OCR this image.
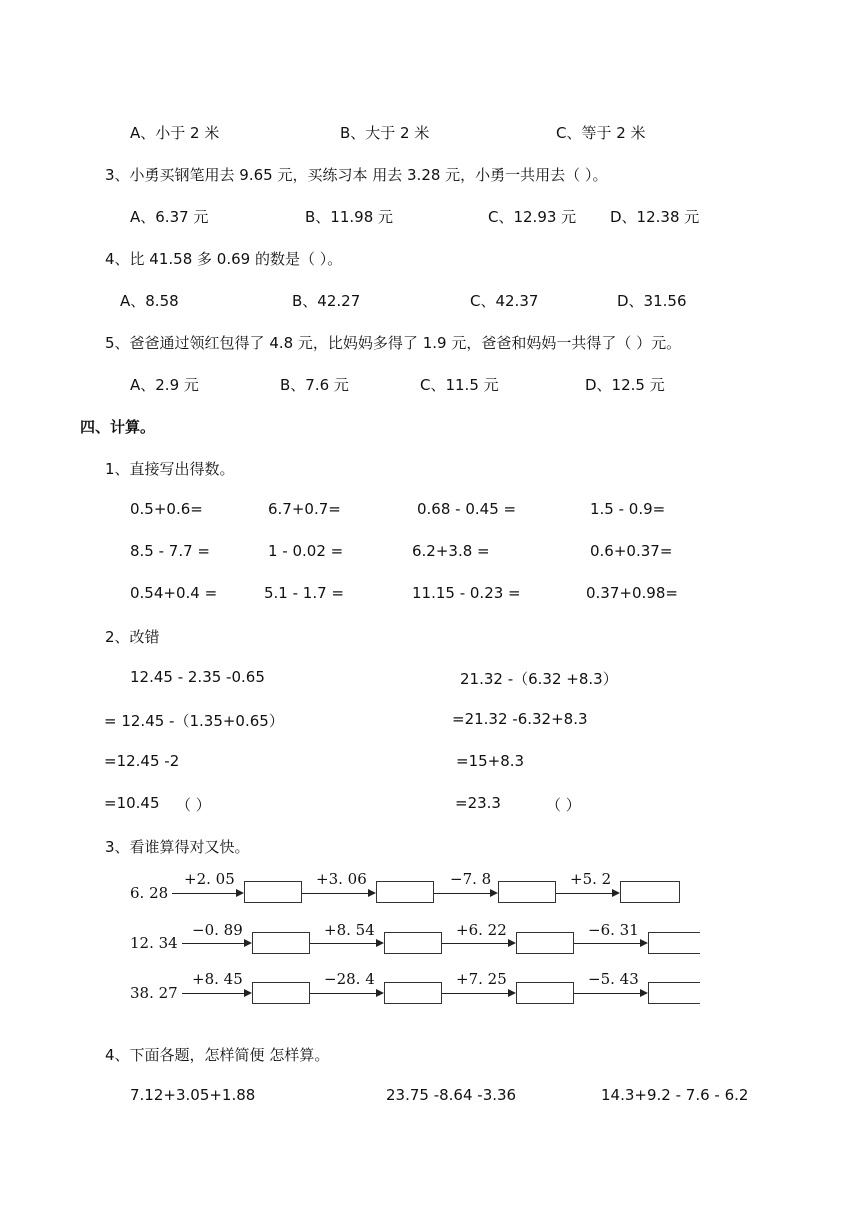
A、小于 2 米	B、大于 2 米	C、等于 2 米
3、小勇买钢笔用去 9.65 元，买练习本 用去 3.28 元，小勇一共用去（ ）。
A、6.37 元	B、11.98 元	C、12.93 元 D、12.38 元
4、比 41.58 多 0.69 的数是（ ）。
A、8.58	B、42.27	C、42.37	D、31.56
5、爸爸通过领红包得了 4.8 元，比妈妈多得了 1.9 元，爸爸和妈妈一共得了（ ）元。
A、2.9 元	B、7.6 元	C、11.5 元	D、12.5 元
四、计算。
1、直接写出得数。
0.5+0.6=	6.7+0.7=	0.68 - 0.45 =	1.5 - 0.9=
8.5 - 7.7 =	1 - 0.02 =	6.2+3.8 =	0.6+0.37=
0.54+0.4 =	5.1 - 1.7 =	11.15 - 0.23 =	0.37+0.98=
2、改错
12.45 - 2.35 -0.65
= 12.45 -（1.35+0.65）
=12.45 -2
=10.45 （ ）
21.32 -（6.32 +8.3）
=21.32 -6.32+8.3
=15+8.3
=23.3	（ ）
3、看谁算得对又快。
6. 28
+2. 05	+3. 06	−7. 8	+5. 2
12. 34
−0. 89	+8. 54	+6. 22	−6. 31
38. 27
+8. 45	−28. 4	+7. 25	−5. 43
4、下面各题，怎样简便 怎样算。
7.12+3.05+1.88	23.75 -8.64 -3.36	14.3+9.2 - 7.6 - 6.2
